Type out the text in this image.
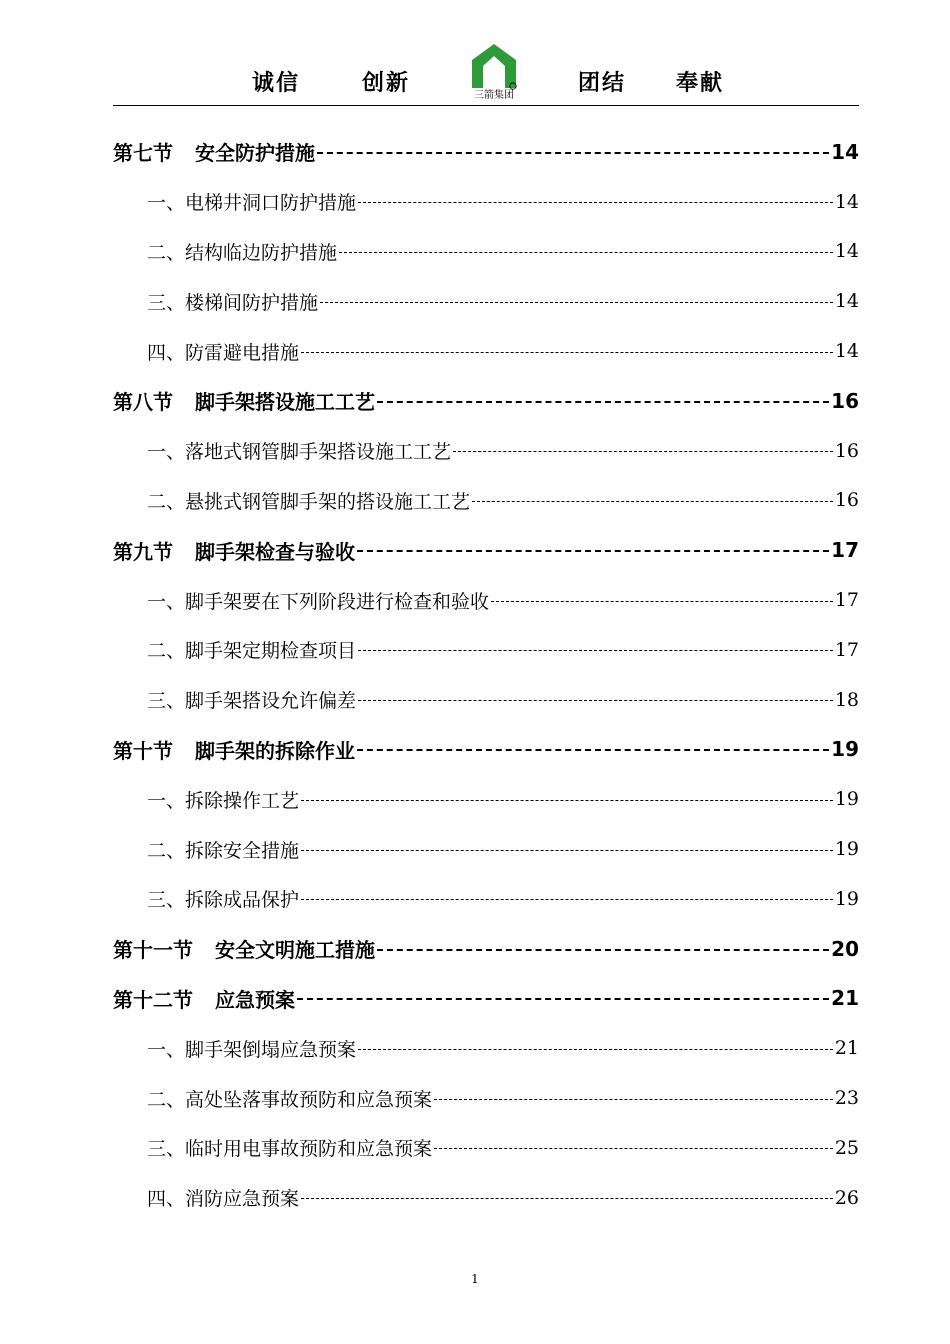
诚信	创新	三箭集团	团结 奉献
第七节 安全防护措施	14
一、电梯井洞口防护措施	14
二、结构临边防护措施	14
三、楼梯间防护措施	14
四、防雷避电措施	14
第八节 脚手架搭设施工工艺	16
一、落地式钢管脚手架搭设施工工艺	16
二、悬挑式钢管脚手架的搭设施工工艺	16
第九节 脚手架检查与验收	17
一、脚手架要在下列阶段进行检查和验收	17
二、脚手架定期检查项目	17
三、脚手架搭设允许偏差	18
第十节 脚手架的拆除作业	19
一、拆除操作工艺	19
二、拆除安全措施	19
三、拆除成品保护	19
第十一节 安全文明施工措施	20
第十二节 应急预案	21
一、脚手架倒塌应急预案	21
二、高处坠落事故预防和应急预案	23
三、临时用电事故预防和应急预案	25
四、消防应急预案	26
1
